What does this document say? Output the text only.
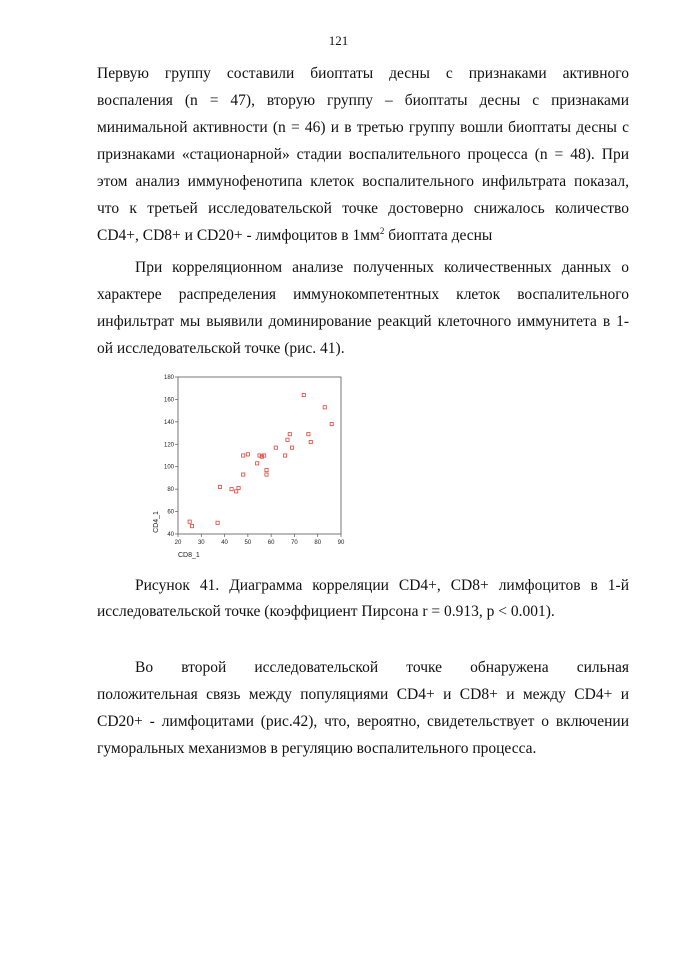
121
Первую группу составили биоптаты десны с признаками активного
воспаления (n = 47), вторую группу – биоптаты десны с признаками
минимальной активности (n = 46) и в третью группу вошли биоптаты десны с
признаками «стационарной» стадии воспалительного процесса (n = 48). При
этом анализ иммунофенотипа клеток воспалительного инфильтрата показал,
что к третьей исследовательской точке достоверно снижалось количество
CD4+, CD8+ и CD20+ - лимфоцитов в $1мм^2$ биоптата десны
При корреляционном анализе полученных количественных данных о
характере распределения иммунокомпетентных клеток воспалительного
инфильтрат мы выявили доминирование реакций клеточного иммунитета в 1-
ой исследовательской точке (рис. 41).
20	30	40	50	60	70	80	90
40
60
80
100
120
140
160
180
CD8_1
CD4_1
Рисунок 41. Диаграмма корреляции CD4+, CD8+ лимфоцитов в 1-й
исследовательской точке (коэффициент Пирсона r = 0.913, p < 0.001).
Во второй исследовательской точке обнаружена сильная
положительная связь между популяциями CD4+ и CD8+ и между CD4+ и
CD20+ - лимфоцитами (рис.42), что, вероятно, свидетельствует о включении
гуморальных механизмов в регуляцию воспалительного процесса.
